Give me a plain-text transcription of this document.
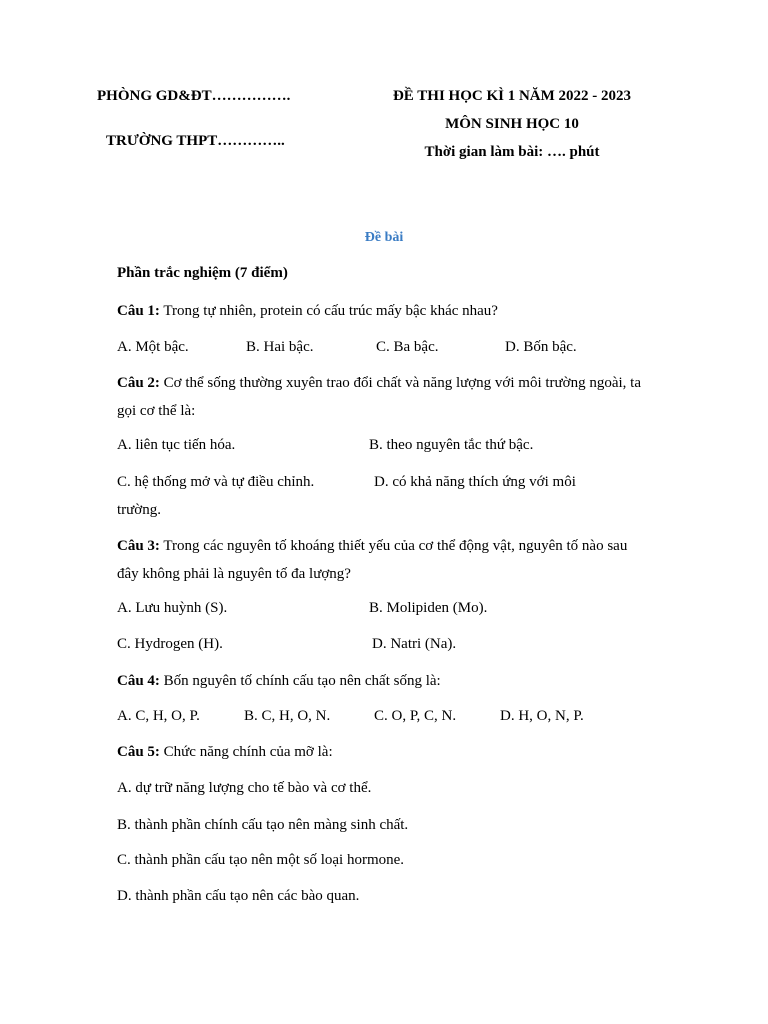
PHÒNG GD&ĐT…………….
TRƯỜNG THPT…………..
ĐỀ THI HỌC KÌ 1 NĂM 2022 - 2023
MÔN SINH HỌC 10
Thời gian làm bài: …. phút
Đề bài
Phần trắc nghiệm (7 điểm)
Câu 1: Trong tự nhiên, protein có cấu trúc mấy bậc khác nhau?
A. Một bậc.	B. Hai bậc.	C. Ba bậc.	D. Bốn bậc.
Câu 2: Cơ thể sống thường xuyên trao đổi chất và năng lượng với môi trường ngoài, ta gọi cơ thể là:
A. liên tục tiến hóa.	B. theo nguyên tắc thứ bậc.
C. hệ thống mở và tự điều chỉnh.	D. có khả năng thích ứng với môi
trường.
Câu 3: Trong các nguyên tố khoáng thiết yếu của cơ thể động vật, nguyên tố nào sau đây không phải là nguyên tố đa lượng?
A. Lưu huỳnh (S).	B. Molipiden (Mo).
C. Hydrogen (H).	D. Natri (Na).
Câu 4: Bốn nguyên tố chính cấu tạo nên chất sống là:
A. C, H, O, P.	B. C, H, O, N.	C. O, P, C, N.	D. H, O, N, P.
Câu 5: Chức năng chính của mỡ là:
A. dự trữ năng lượng cho tế bào và cơ thể.
B. thành phần chính cấu tạo nên màng sinh chất.
C. thành phần cấu tạo nên một số loại hormone.
D. thành phần cấu tạo nên các bào quan.
